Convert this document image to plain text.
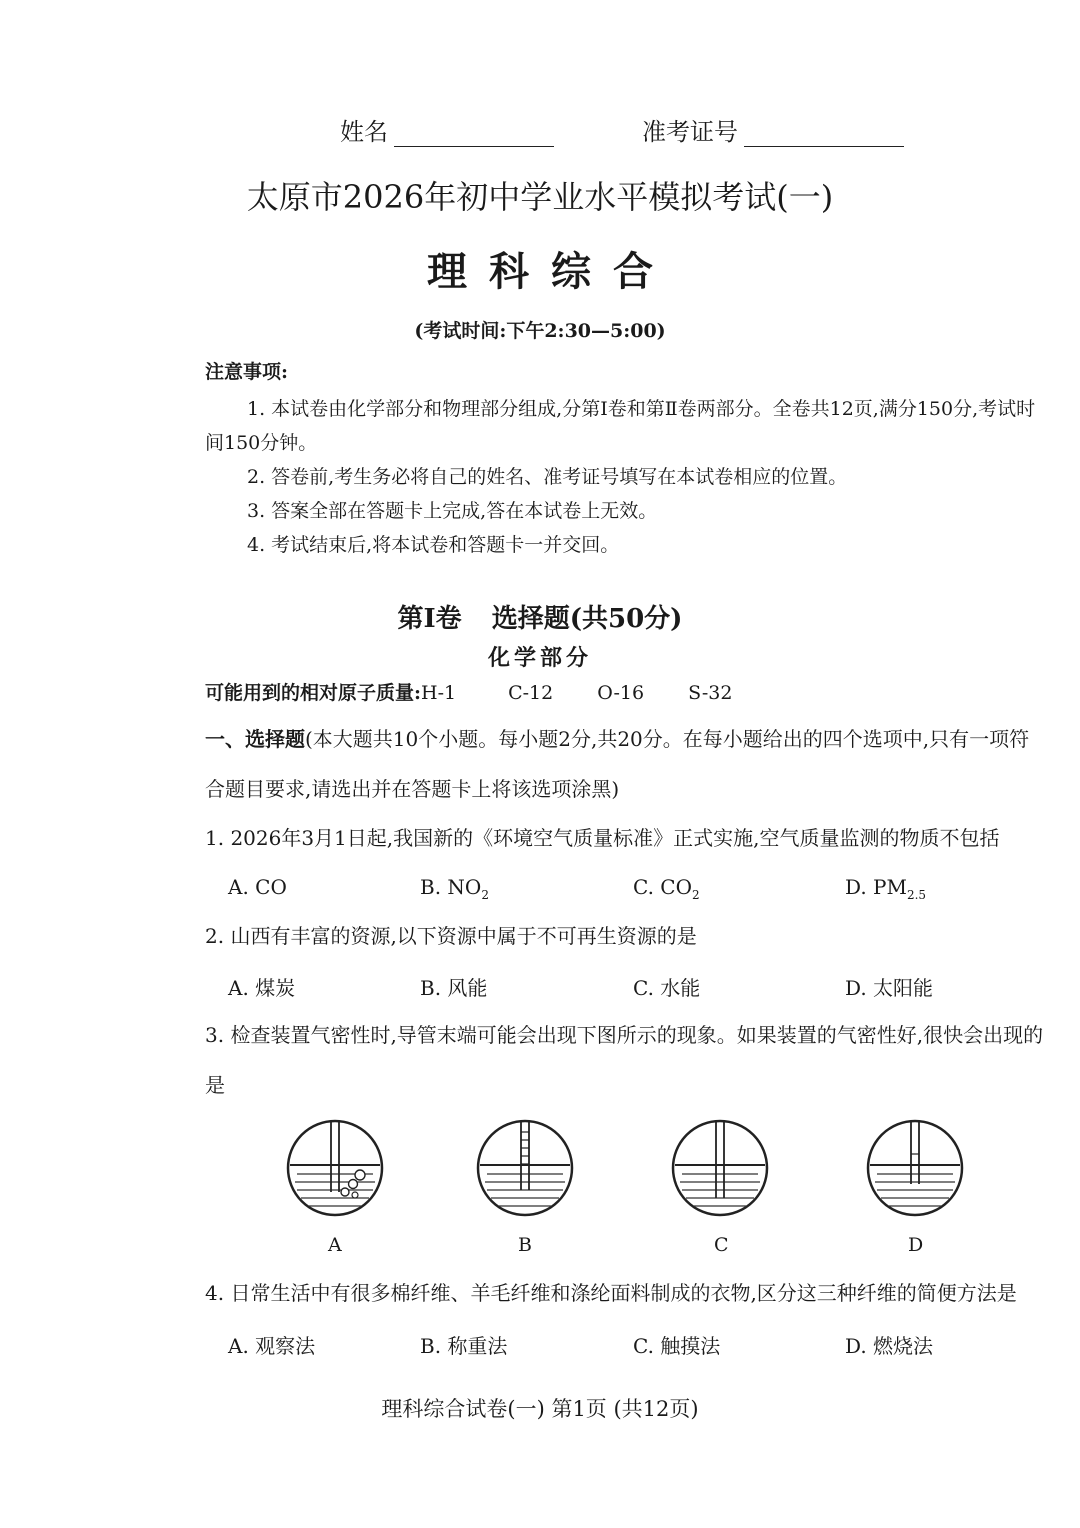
姓名	准考证号
太原市2026年初中学业水平模拟考试(一)
理科综合
(考试时间:下午2:30—5:00)
注意事项:

1. 本试卷由化学部分和物理部分组成,分第Ⅰ卷和第Ⅱ卷两部分。全卷共12页,满分150分,考试时间150分钟。

2. 答卷前,考生务必将自己的姓名、准考证号填写在本试卷相应的位置。

3. 答案全部在答题卡上完成,答在本试卷上无效。

4. 考试结束后,将本试卷和答题卡一并交回。

第Ⅰ卷 选择题(共50分)
化学部分
可能用到的相对原子质量:H-1	C-12 O-16 S-32
一、选择题(本大题共10个小题。每小题2分,共20分。在每小题给出的四个选项中,只有一项符合题目要求,请选出并在答题卡上将该选项涂黑)
1. 2026年3月1日起,我国新的《环境空气质量标准》正式实施,空气质量监测的物质不包括
A. CO	B. $NO_2$	C. $CO_2$	D. $PM_{2.5}$
2. 山西有丰富的资源,以下资源中属于不可再生资源的是
A. 煤炭	B. 风能	C. 水能	D. 太阳能
3. 检查装置气密性时,导管末端可能会出现下图所示的现象。如果装置的气密性好,很快会出现的是
A	B	C	D
4. 日常生活中有很多棉纤维、羊毛纤维和涤纶面料制成的衣物,区分这三种纤维的简便方法是
A. 观察法	B. 称重法	C. 触摸法	D. 燃烧法
理科综合试卷(一) 第1页 (共12页)
